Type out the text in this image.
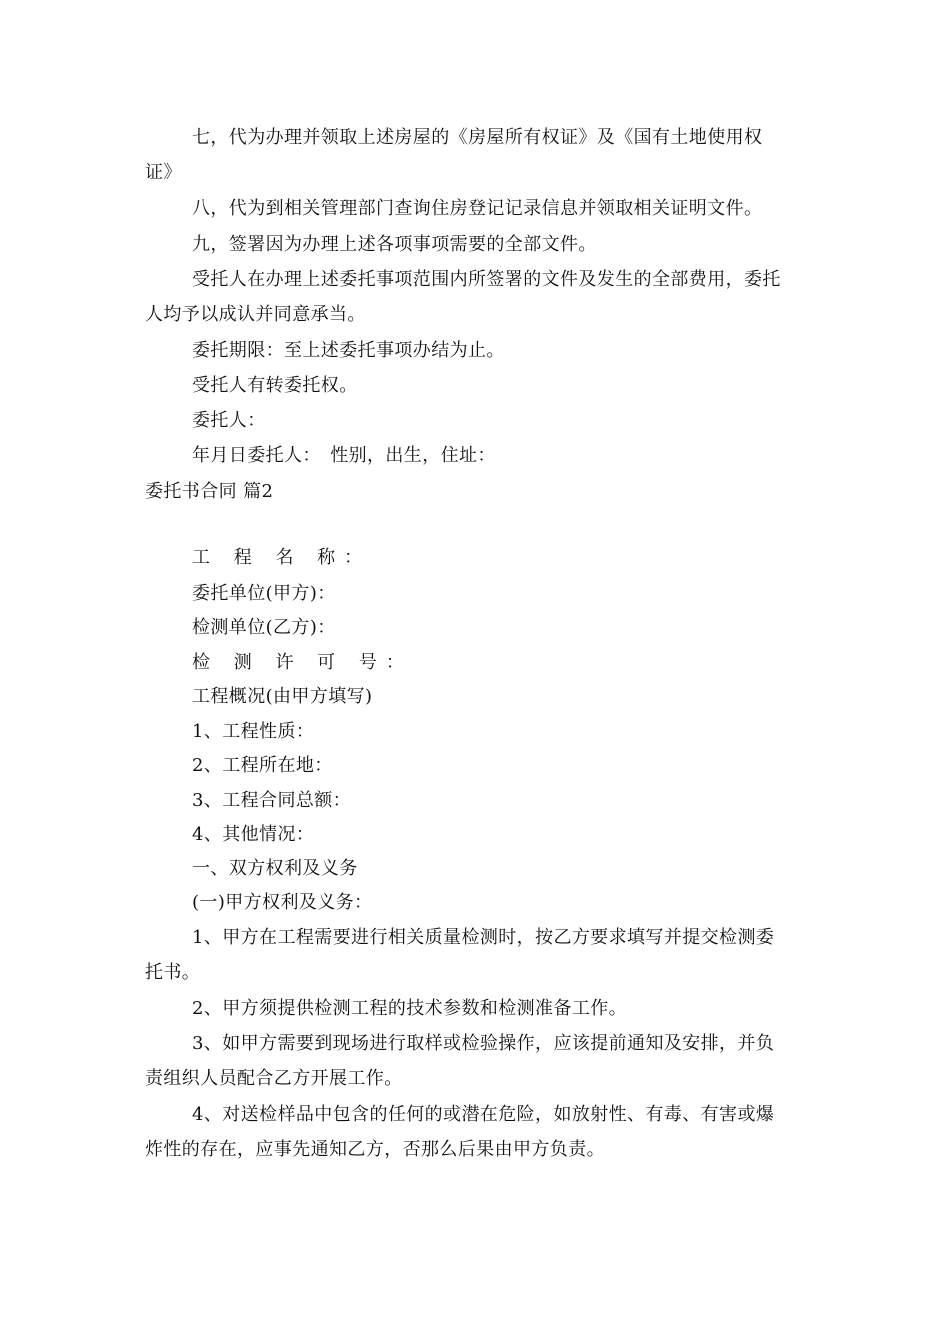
七，代为办理并领取上述房屋的《房屋所有权证》及《国有土地使用权
证》
八，代为到相关管理部门查询住房登记记录信息并领取相关证明文件。
九，签署因为办理上述各项事项需要的全部文件。
受托人在办理上述委托事项范围内所签署的文件及发生的全部费用，委托
人均予以成认并同意承当。
委托期限：至上述委托事项办结为止。
受托人有转委托权。
委托人：
年月日委托人：　性别，出生，住址：
委托书合同 篇2
工 程 名 称：
委托单位(甲方)：
检测单位(乙方)：
检 测 许 可 号：
工程概况(由甲方填写)
1、工程性质：
2、工程所在地：
3、工程合同总额：
4、其他情况：
一、双方权利及义务
(一)甲方权利及义务：
1、甲方在工程需要进行相关质量检测时，按乙方要求填写并提交检测委
托书。
2、甲方须提供检测工程的技术参数和检测准备工作。
3、如甲方需要到现场进行取样或检验操作，应该提前通知及安排，并负
责组织人员配合乙方开展工作。
4、对送检样品中包含的任何的或潜在危险，如放射性、有毒、有害或爆
炸性的存在，应事先通知乙方，否那么后果由甲方负责。
